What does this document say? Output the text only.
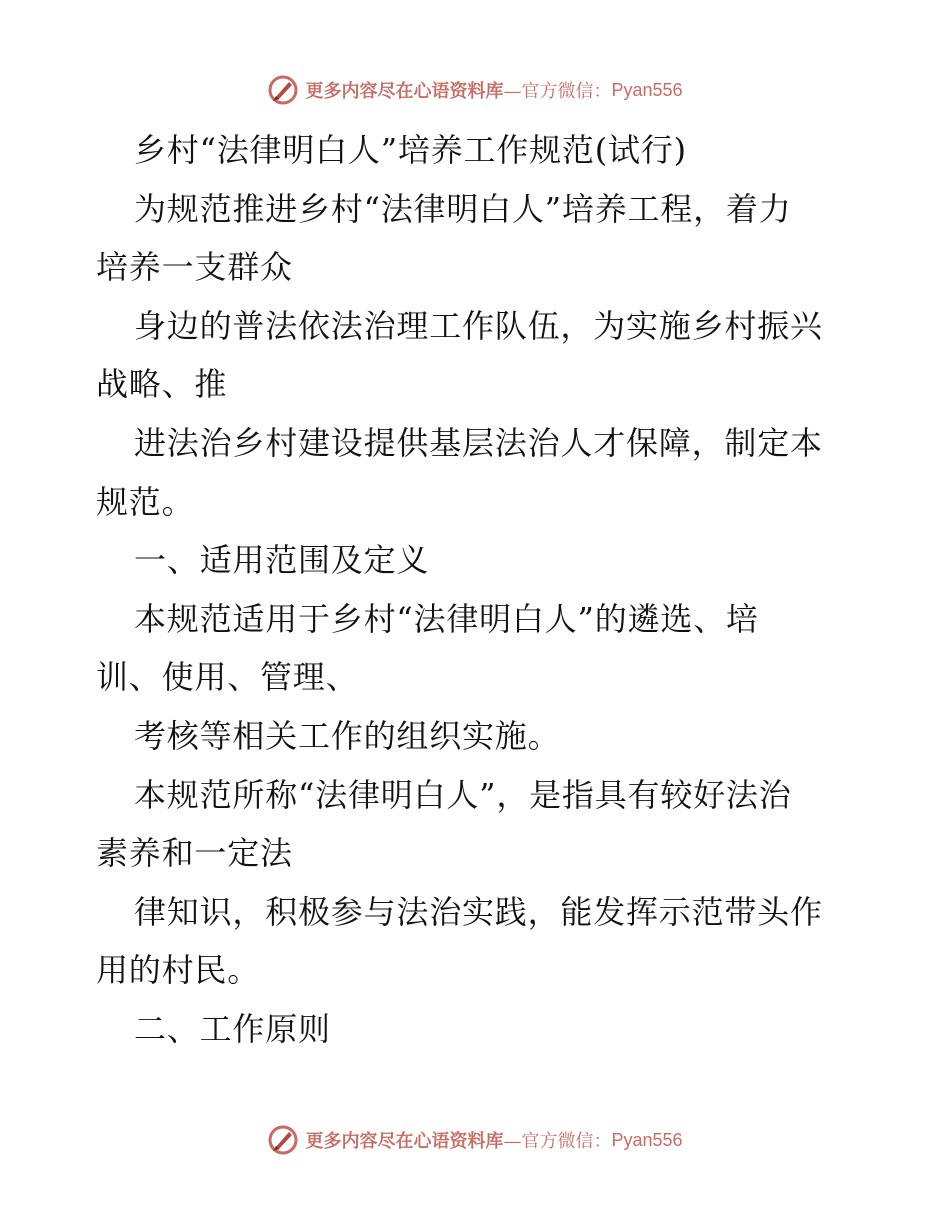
更多内容尽在心语资料库 —官方微信： Pyan556
乡村“法律明白人”培养工作规范(试行)
为规范推进乡村“法律明白人”培养工程，着力
培养一支群众
身边的普法依法治理工作队伍，为实施乡村振兴
战略、推
进法治乡村建设提供基层法治人才保障，制定本
规范。
一、适用范围及定义
本规范适用于乡村“法律明白人”的遴选、培
训、使用、管理、
考核等相关工作的组织实施。
本规范所称“法律明白人”，是指具有较好法治
素养和一定法
律知识，积极参与法治实践，能发挥示范带头作
用的村民。
二、工作原则
更多内容尽在心语资料库 —官方微信： Pyan556
